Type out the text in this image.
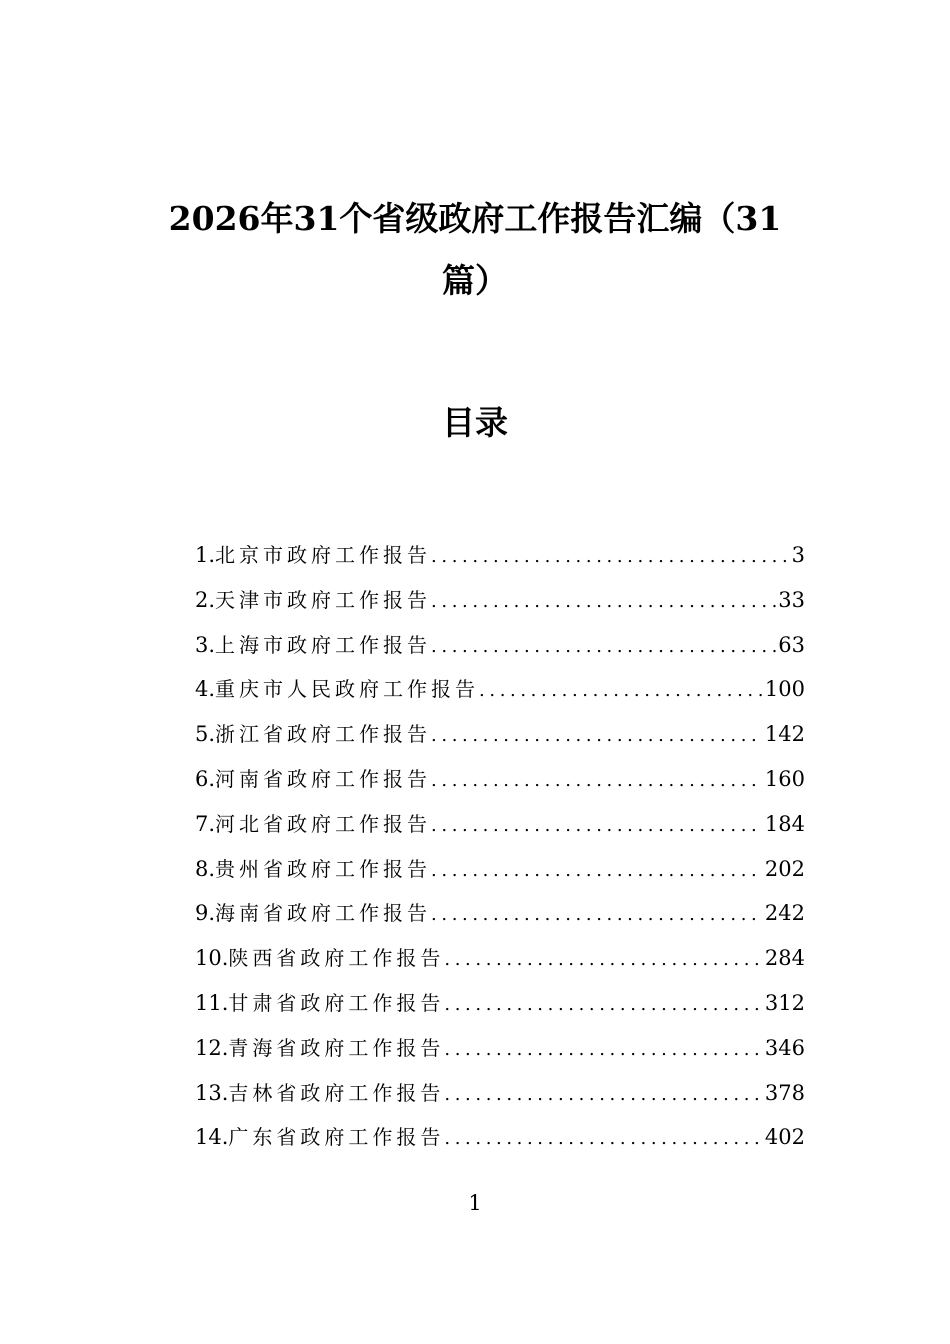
2026年31个省级政府工作报告汇编（31篇）
目录
1. 北京市政府工作报告 .....	3
2. 天津市政府工作报告 .....	33
3. 上海市政府工作报告 .....	63
4. 重庆市人民政府工作报告 .....	100
5. 浙江省政府工作报告 .....	142
6. 河南省政府工作报告 .....	160
7. 河北省政府工作报告 .....	184
8. 贵州省政府工作报告 .....	202
9. 海南省政府工作报告 .....	242
10. 陕西省政府工作报告 .....	284
11. 甘肃省政府工作报告 .....	312
12. 青海省政府工作报告 .....	346
13. 吉林省政府工作报告 .....	378
14. 广东省政府工作报告 .....	402
1
